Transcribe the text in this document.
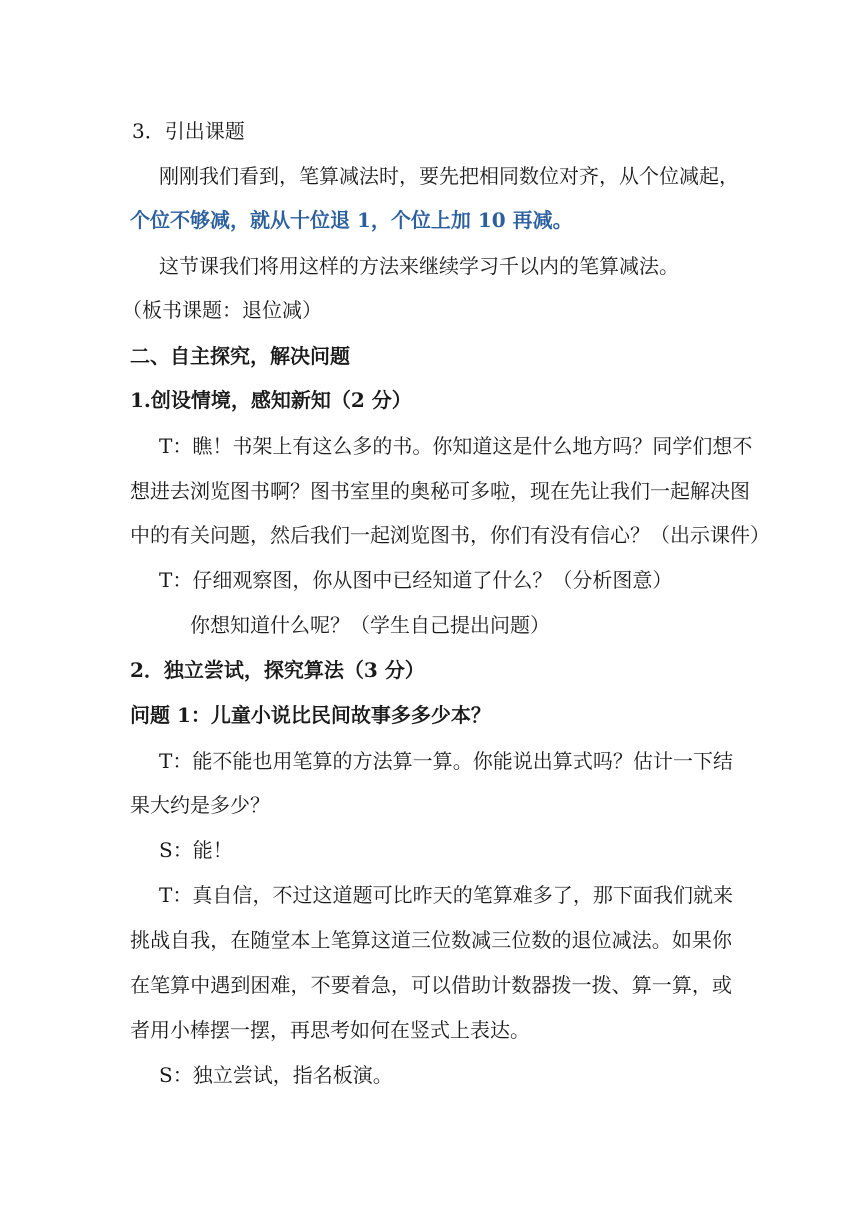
3．引出课题
刚刚我们看到，笔算减法时，要先把相同数位对齐，从个位减起，
个位不够减，就从十位退 1，个位上加 10 再减。
这节课我们将用这样的方法来继续学习千以内的笔算减法。
（板书课题：退位减）
二、自主探究，解决问题
1.创设情境，感知新知（2 分）
T：瞧！书架上有这么多的书。你知道这是什么地方吗？同学们想不
想进去浏览图书啊？图书室里的奥秘可多啦，现在先让我们一起解决图
中的有关问题，然后我们一起浏览图书，你们有没有信心？（出示课件）
T：仔细观察图，你从图中已经知道了什么？（分析图意）
你想知道什么呢？（学生自己提出问题）
2．独立尝试，探究算法（3 分）
问题 1：儿童小说比民间故事多多少本？
T：能不能也用笔算的方法算一算。你能说出算式吗？估计一下结
果大约是多少？
S：能！
T：真自信，不过这道题可比昨天的笔算难多了，那下面我们就来
挑战自我，在随堂本上笔算这道三位数减三位数的退位减法。如果你
在笔算中遇到困难，不要着急，可以借助计数器拨一拨、算一算，或
者用小棒摆一摆，再思考如何在竖式上表达。
S：独立尝试，指名板演。
